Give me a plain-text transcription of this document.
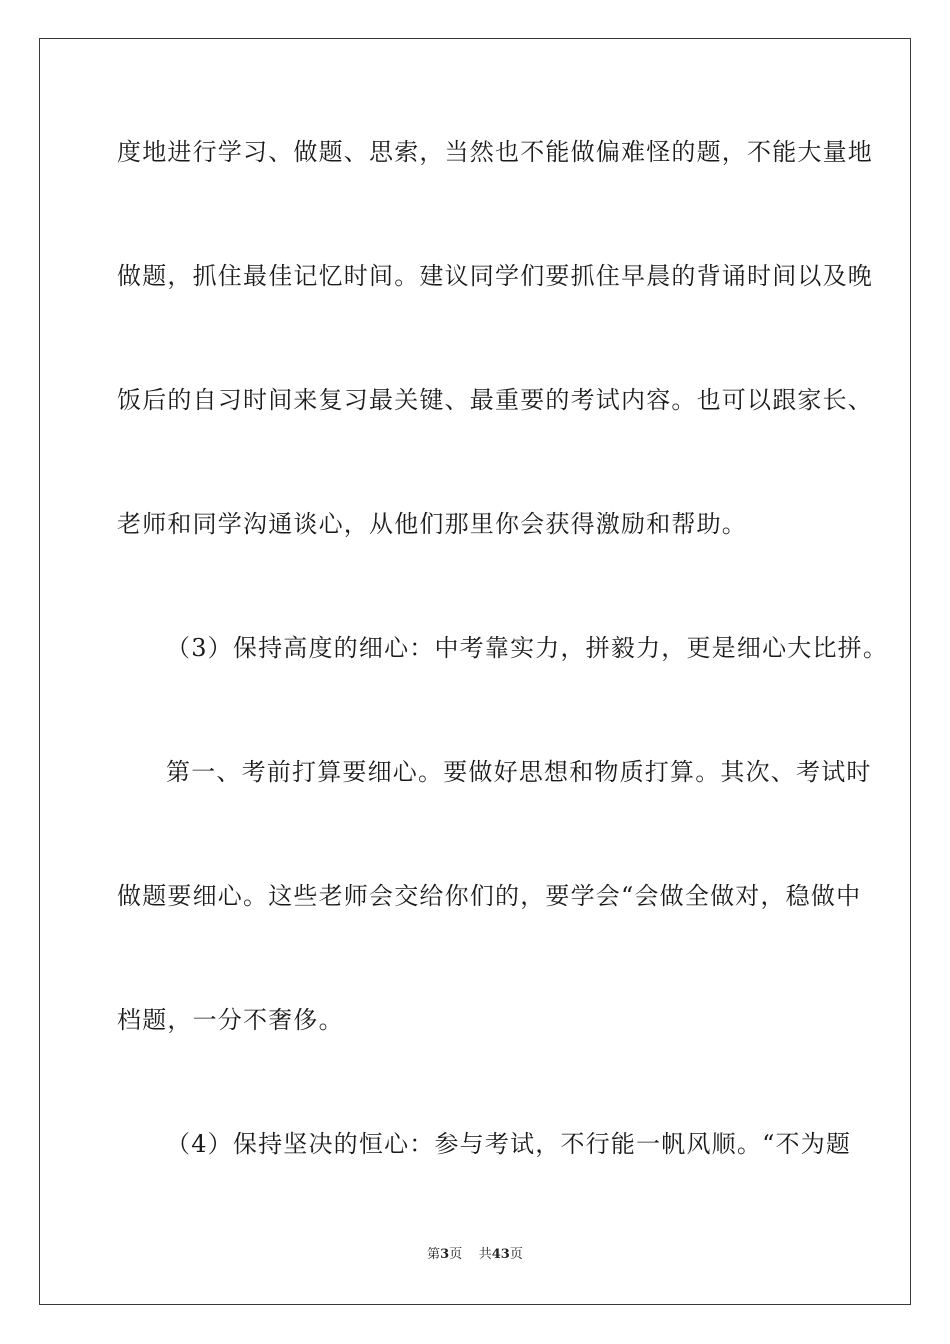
度地进行学习、做题、思索，当然也不能做偏难怪的题，不能大量地
做题，抓住最佳记忆时间。建议同学们要抓住早晨的背诵时间以及晚
饭后的自习时间来复习最关键、最重要的考试内容。也可以跟家长、
老师和同学沟通谈心，从他们那里你会获得激励和帮助。
（3）保持高度的细心：中考靠实力，拼毅力，更是细心大比拼。
第一、考前打算要细心。要做好思想和物质打算。其次、考试时
做题要细心。这些老师会交给你们的，要学会“会做全做对，稳做中
档题，一分不奢侈。
（4）保持坚决的恒心：参与考试，不行能一帆风顺。“不为题
第3页 共43页
